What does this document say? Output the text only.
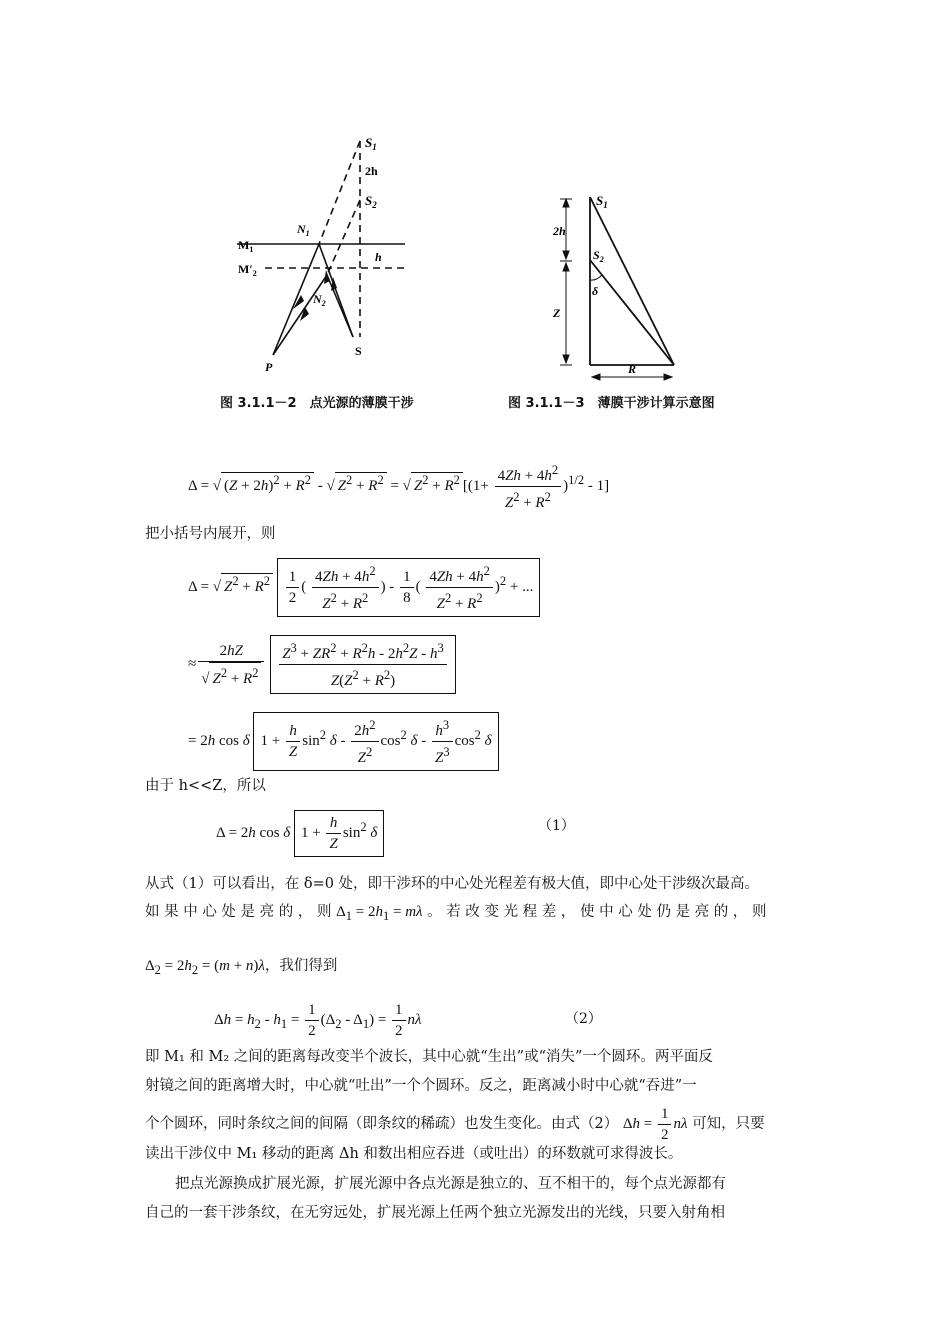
$S_1$
2h
$S_2$
$N_1$
$M_1$
$M'_2$
h
$N_2$
P
S
图 3.1.1－2　点光源的薄膜干涉
$S_1$
2h
$S_2$
δ
Z
R
图 3.1.1－3　薄膜干涉计算示意图
Δ = √ $(Z + 2h)^2 + R^2$ - √ $Z^2 + R^2$ = √ $Z^2 + R^2$ $[(1+ \frac{4Zh + 4h^2}{Z^2 + R^2} )^{1/2} - 1]$
把小括号内展开，则
Δ = √ $Z^2 + R^2 \frac{1}{2}$ ( $\frac{4Zh + 4h^2}{Z^2 + R^2}$ ) - $\frac{1}{8}$ ( $\frac{4Zh + 4h^2}{Z^2 + R^2} )^2$ + ...
≈ $\frac{2hZ}{√ Z^2 + R^2}$
$\frac{Z^3 + ZR^2 + R^2h - 2h^2Z - h^3}{Z(Z^2 + R^2)}$
= 2h cos δ $1 + \frac{h}{Z} \sin^2 \delta - \frac{2h^2}{Z^2} \cos^2 \delta - \frac{h^3}{Z^3} \cos^2 \delta$
由于 h<<Z，所以
Δ = 2h cos δ $1 + \frac{h}{Z} \sin^2 \delta$	（1）
从式（1）可以看出，在 δ=0 处，即干涉环的中心处光程差有极大值，即中心处干涉级次最高。
如 果 中 心 处 是 亮 的 ， 则 $\Delta_1 = 2h_1 = m\lambda$ 。 若 改 变 光 程 差 ， 使 中 心 处 仍 是 亮 的 ， 则
$\Delta_2 = 2h_2 = (m + n)\lambda$，我们得到
$\Delta h = h_2 - h_1 = \frac{1}{2} (\Delta_2 - \Delta_1) = \frac{1}{2}$ nλ	（2）
即 M₁ 和 M₂ 之间的距离每改变半个波长，其中心就“生出”或“消失”一个圆环。两平面反
射镜之间的距离增大时，中心就“吐出”一个个圆环。反之，距离减小时中心就“吞进”一
个个圆环，同时条纹之间的间隔（即条纹的稀疏）也发生变化。由式（2） $\Delta h = \frac{1}{2}$ nλ 可知，只要
读出干涉仪中 M₁ 移动的距离 Δh 和数出相应吞进（或吐出）的环数就可求得波长。
把点光源换成扩展光源，扩展光源中各点光源是独立的、互不相干的，每个点光源都有
自己的一套干涉条纹，在无穷远处，扩展光源上任两个独立光源发出的光线，只要入射角相
